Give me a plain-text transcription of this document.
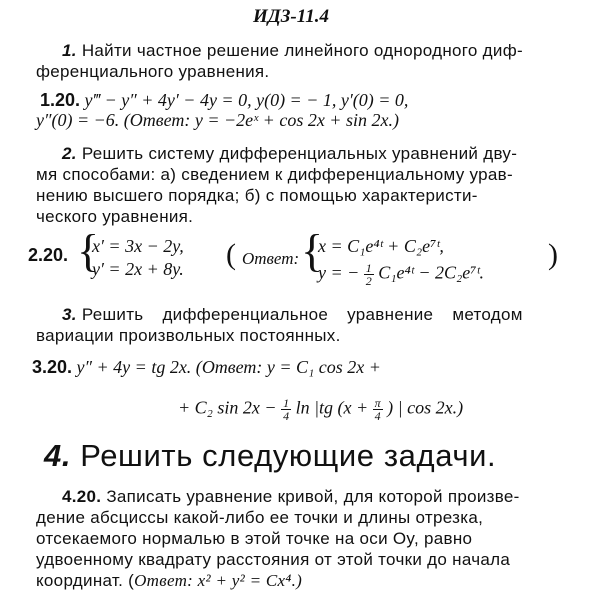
ИДЗ-11.4
1. Найти частное решение линейного однородного диф-
ференциального уравнения.
1.20. y‴ − y″ + 4y′ − 4y = 0, y(0) = − 1, y′(0) = 0,
y″(0) = −6. (Ответ: y = −2eˣ + cos 2x + sin 2x.)
2. Решить систему дифференциальных уравнений дву-
мя способами: а) сведением к дифференциальному урав-
нению высшего порядка; б) с помощью характеристи-
ческого уравнения.
2.20. {
x′ = 3x − 2y,
y′ = 2x + 8y. ( Ответ: {
x = C₁e⁴ᵗ + C₂e⁷ᵗ,
y = − $\frac{1}{2}$ C₁e⁴ᵗ − 2C₂e⁷ᵗ.
)
3. Решить дифференциальное уравнение методом
вариации произвольных постоянных.
3.20. y″ + 4y = tg 2x. (Ответ: y = C₁ cos 2x +
+ C₂ $\sin 2x - \frac{1}{4}$ ln |tg ($x + \frac{\pi}{4}$ ) | cos 2x.)
4. Решить следующие задачи.
4.20. Записать уравнение кривой, для которой произве-
дение абсциссы какой-либо ее точки и длины отрезка,
отсекаемого нормалью в этой точке на оси Oy, равно
удвоенному квадрату расстояния от этой точки до начала
координат. (Ответ: x² + y² = Cx⁴.)
